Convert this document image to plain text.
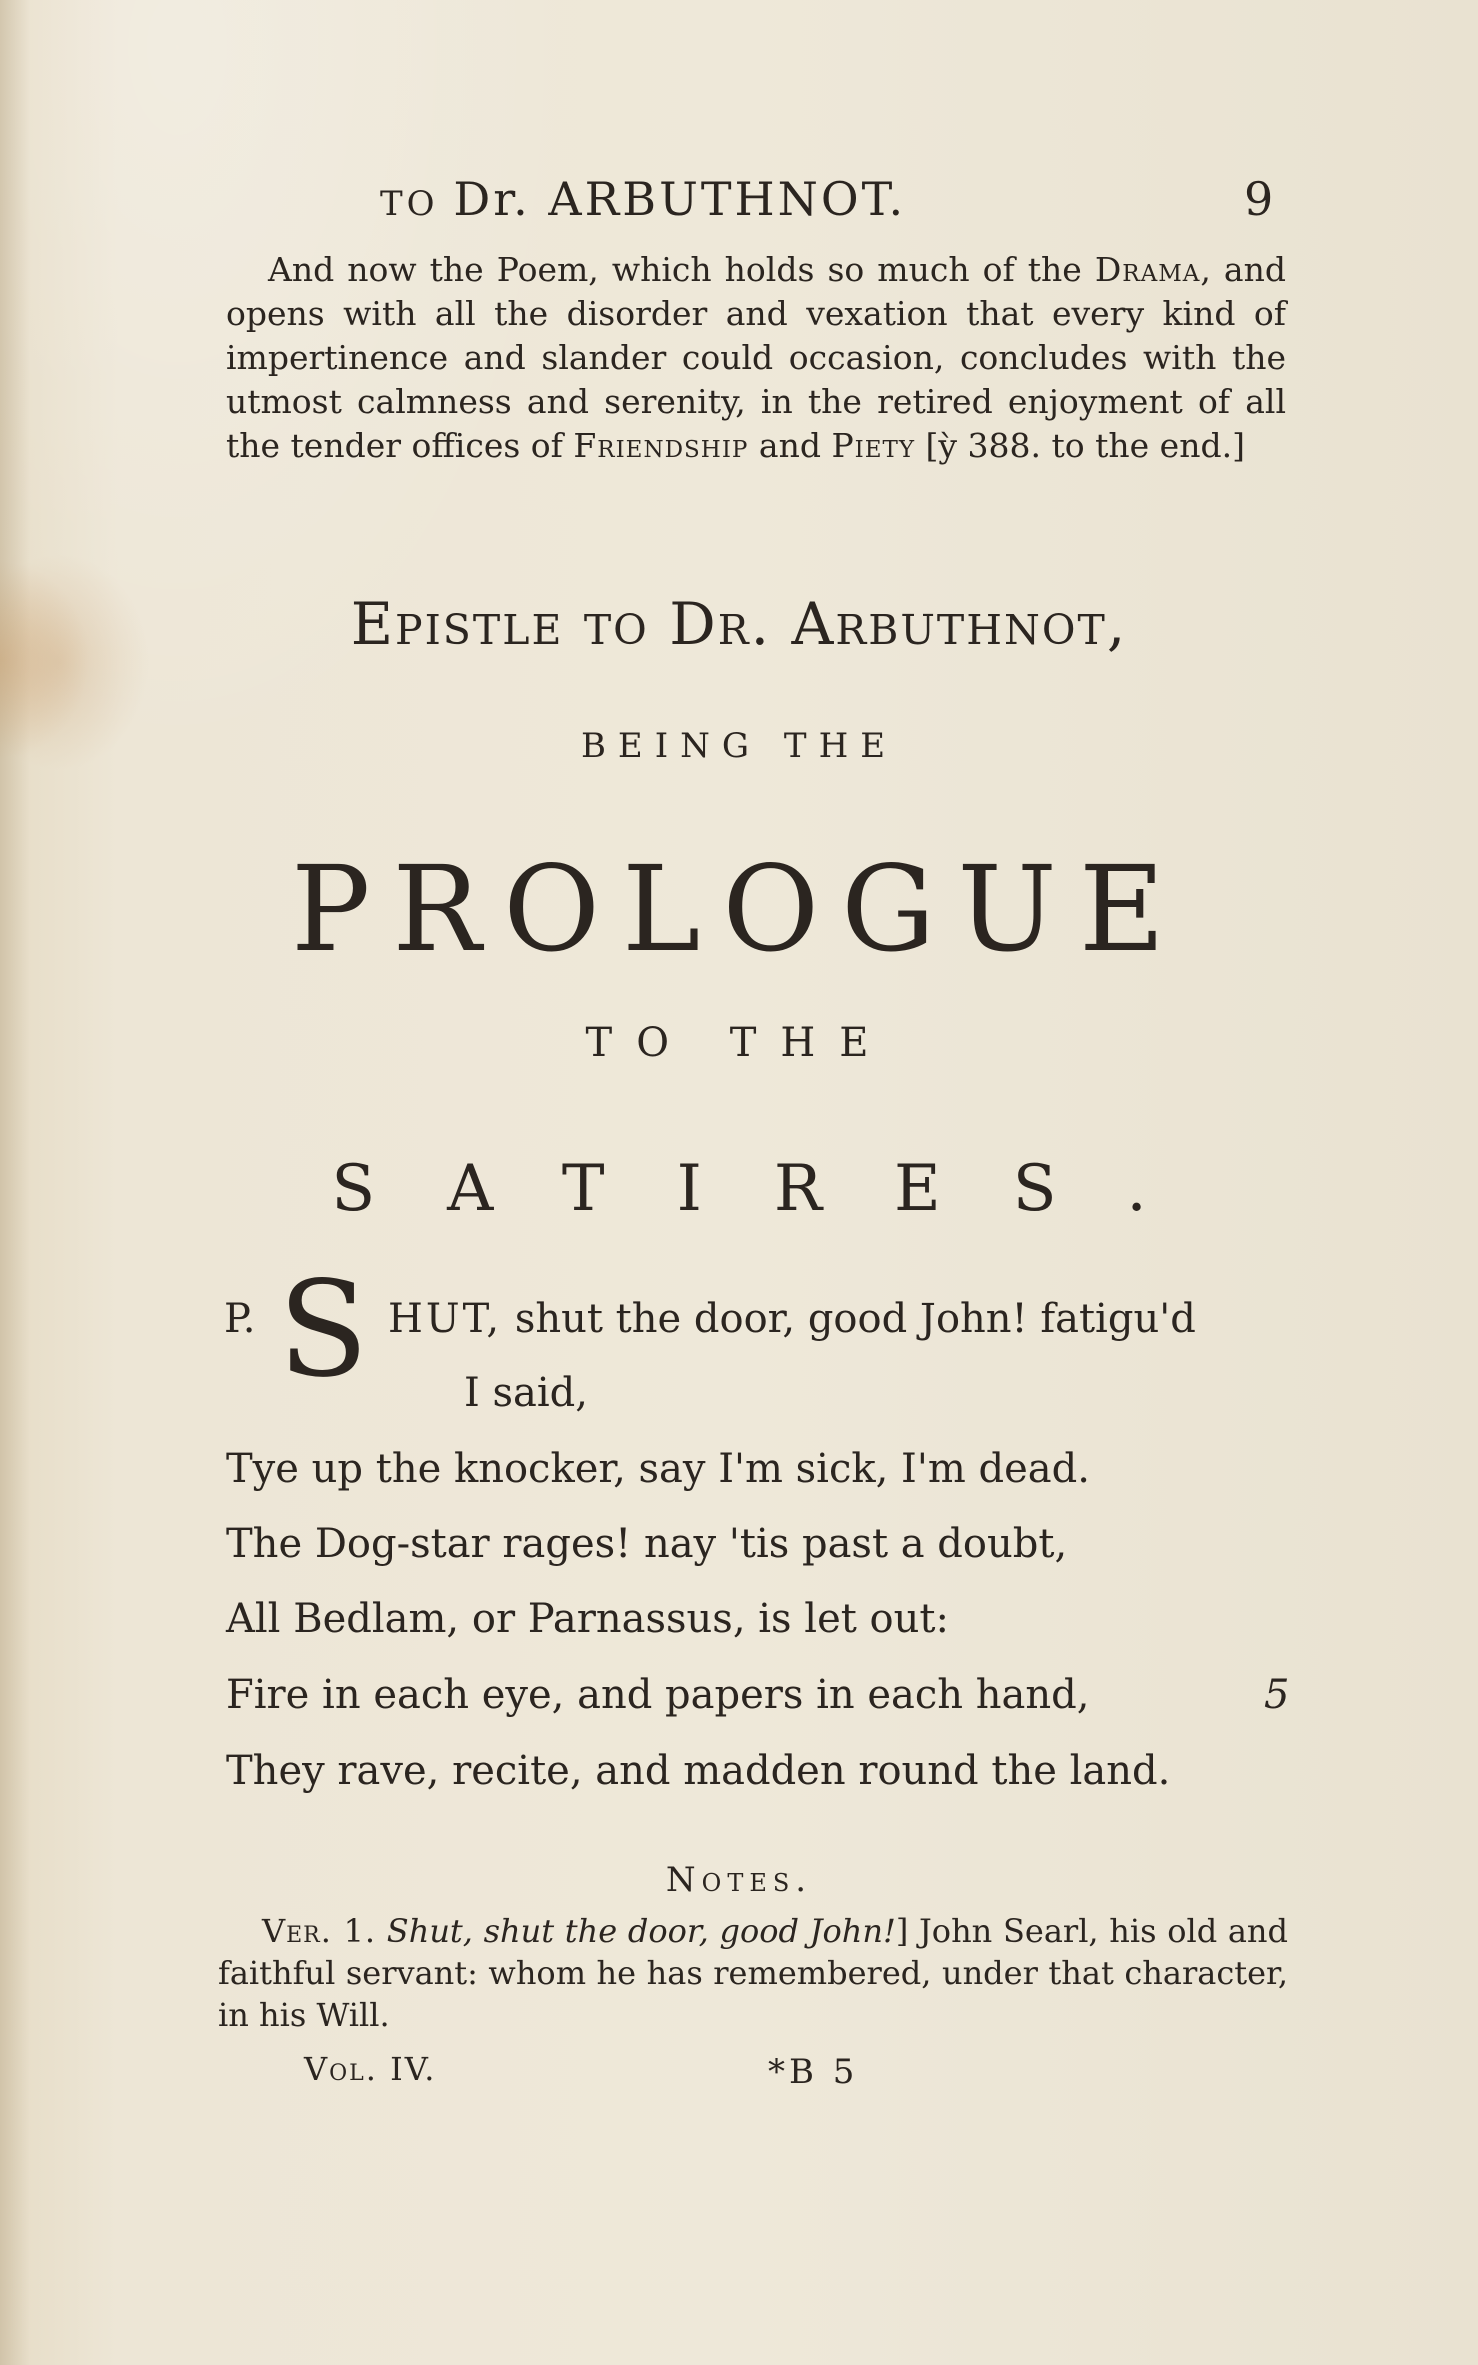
TO Dr. ARBUTHNOT.	9

And now the Poem, which holds so much of the Drama, and opens with all the disorder and vexation that every kind of impertinence and slander could occasion, concludes with the utmost calmness and serenity, in the retired enjoyment of all the tender offices of Friendship and Piety [ỳ 388. to the end.]

Epistle to Dr. Arbuthnot,
BEING THE
PROLOGUE
TO THE
SATIRES.
P. S HUT, shut the door, good John! fatigu'd
I said,
Tye up the knocker, say I'm sick, I'm dead.
The Dog-star rages! nay 'tis past a doubt,
All Bedlam, or Parnassus, is let out:
Fire in each eye, and papers in each hand,
They rave, recite, and madden round the land.
5
Notes.

Ver. 1. Shut, shut the door, good John!] John Searl, his old and faithful servant: whom he has remembered, under that character, in his Will.

Vol. IV.	*B 5
